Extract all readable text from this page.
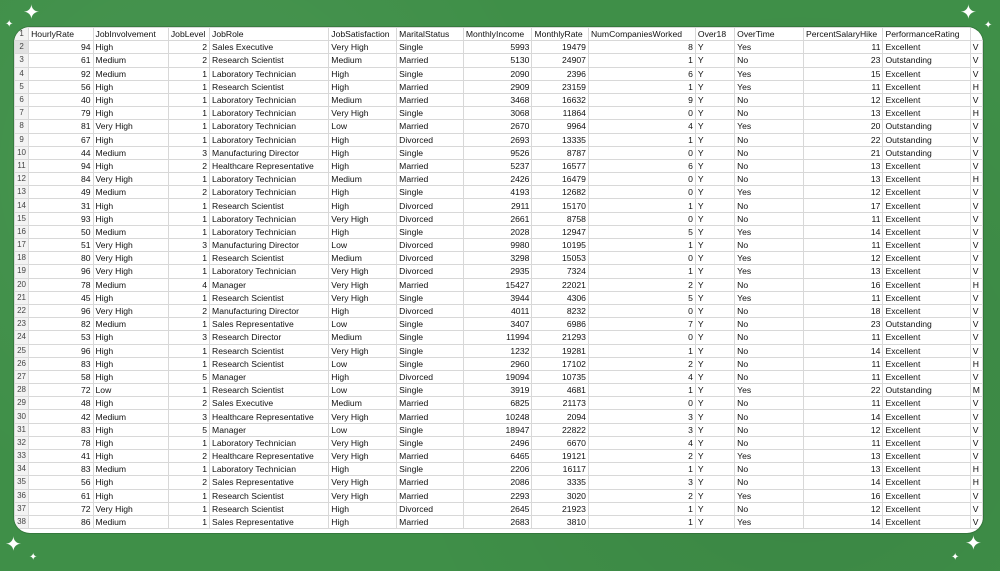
✦
✦
✦
✦
✦
✦
✦
✦
1	HourlyRate	JobInvolvement	JobLevel	JobRole	JobSatisfaction	MaritalStatus	MonthlyIncome	MonthlyRate	NumCompaniesWorked	Over18	OverTime	PercentSalaryHike	PerformanceRating	
2	94	High	2	Sales Executive	Very High	Single	5993	19479	8	Y	Yes	11	Excellent	V
3	61	Medium	2	Research Scientist	Medium	Married	5130	24907	1	Y	No	23	Outstanding	V
4	92	Medium	1	Laboratory Technician	High	Single	2090	2396	6	Y	Yes	15	Excellent	V
5	56	High	1	Research Scientist	High	Married	2909	23159	1	Y	Yes	11	Excellent	H
6	40	High	1	Laboratory Technician	Medium	Married	3468	16632	9	Y	No	12	Excellent	V
7	79	High	1	Laboratory Technician	Very High	Single	3068	11864	0	Y	No	13	Excellent	H
8	81	Very High	1	Laboratory Technician	Low	Married	2670	9964	4	Y	Yes	20	Outstanding	V
9	67	High	1	Laboratory Technician	High	Divorced	2693	13335	1	Y	No	22	Outstanding	V
10	44	Medium	3	Manufacturing Director	High	Single	9526	8787	0	Y	No	21	Outstanding	V
11	94	High	2	Healthcare Representative	High	Married	5237	16577	6	Y	No	13	Excellent	V
12	84	Very High	1	Laboratory Technician	Medium	Married	2426	16479	0	Y	No	13	Excellent	H
13	49	Medium	2	Laboratory Technician	High	Single	4193	12682	0	Y	Yes	12	Excellent	V
14	31	High	1	Research Scientist	High	Divorced	2911	15170	1	Y	No	17	Excellent	V
15	93	High	1	Laboratory Technician	Very High	Divorced	2661	8758	0	Y	No	11	Excellent	V
16	50	Medium	1	Laboratory Technician	High	Single	2028	12947	5	Y	Yes	14	Excellent	V
17	51	Very High	3	Manufacturing Director	Low	Divorced	9980	10195	1	Y	No	11	Excellent	V
18	80	Very High	1	Research Scientist	Medium	Divorced	3298	15053	0	Y	Yes	12	Excellent	V
19	96	Very High	1	Laboratory Technician	Very High	Divorced	2935	7324	1	Y	Yes	13	Excellent	V
20	78	Medium	4	Manager	Very High	Married	15427	22021	2	Y	No	16	Excellent	H
21	45	High	1	Research Scientist	Very High	Single	3944	4306	5	Y	Yes	11	Excellent	V
22	96	Very High	2	Manufacturing Director	High	Divorced	4011	8232	0	Y	No	18	Excellent	V
23	82	Medium	1	Sales Representative	Low	Single	3407	6986	7	Y	No	23	Outstanding	V
24	53	High	3	Research Director	Medium	Single	11994	21293	0	Y	No	11	Excellent	V
25	96	High	1	Research Scientist	Very High	Single	1232	19281	1	Y	No	14	Excellent	V
26	83	High	1	Research Scientist	Low	Single	2960	17102	2	Y	No	11	Excellent	H
27	58	High	5	Manager	High	Divorced	19094	10735	4	Y	No	11	Excellent	V
28	72	Low	1	Research Scientist	Low	Single	3919	4681	1	Y	Yes	22	Outstanding	M
29	48	High	2	Sales Executive	Medium	Married	6825	21173	0	Y	No	11	Excellent	V
30	42	Medium	3	Healthcare Representative	Very High	Married	10248	2094	3	Y	No	14	Excellent	V
31	83	High	5	Manager	Low	Single	18947	22822	3	Y	No	12	Excellent	V
32	78	High	1	Laboratory Technician	Very High	Single	2496	6670	4	Y	No	11	Excellent	V
33	41	High	2	Healthcare Representative	Very High	Married	6465	19121	2	Y	Yes	13	Excellent	V
34	83	Medium	1	Laboratory Technician	High	Single	2206	16117	1	Y	No	13	Excellent	H
35	56	High	2	Sales Representative	Very High	Married	2086	3335	3	Y	No	14	Excellent	H
36	61	High	1	Research Scientist	Very High	Married	2293	3020	2	Y	Yes	16	Excellent	V
37	72	Very High	1	Research Scientist	High	Divorced	2645	21923	1	Y	No	12	Excellent	V
38	86	Medium	1	Sales Representative	High	Married	2683	3810	1	Y	Yes	14	Excellent	V
